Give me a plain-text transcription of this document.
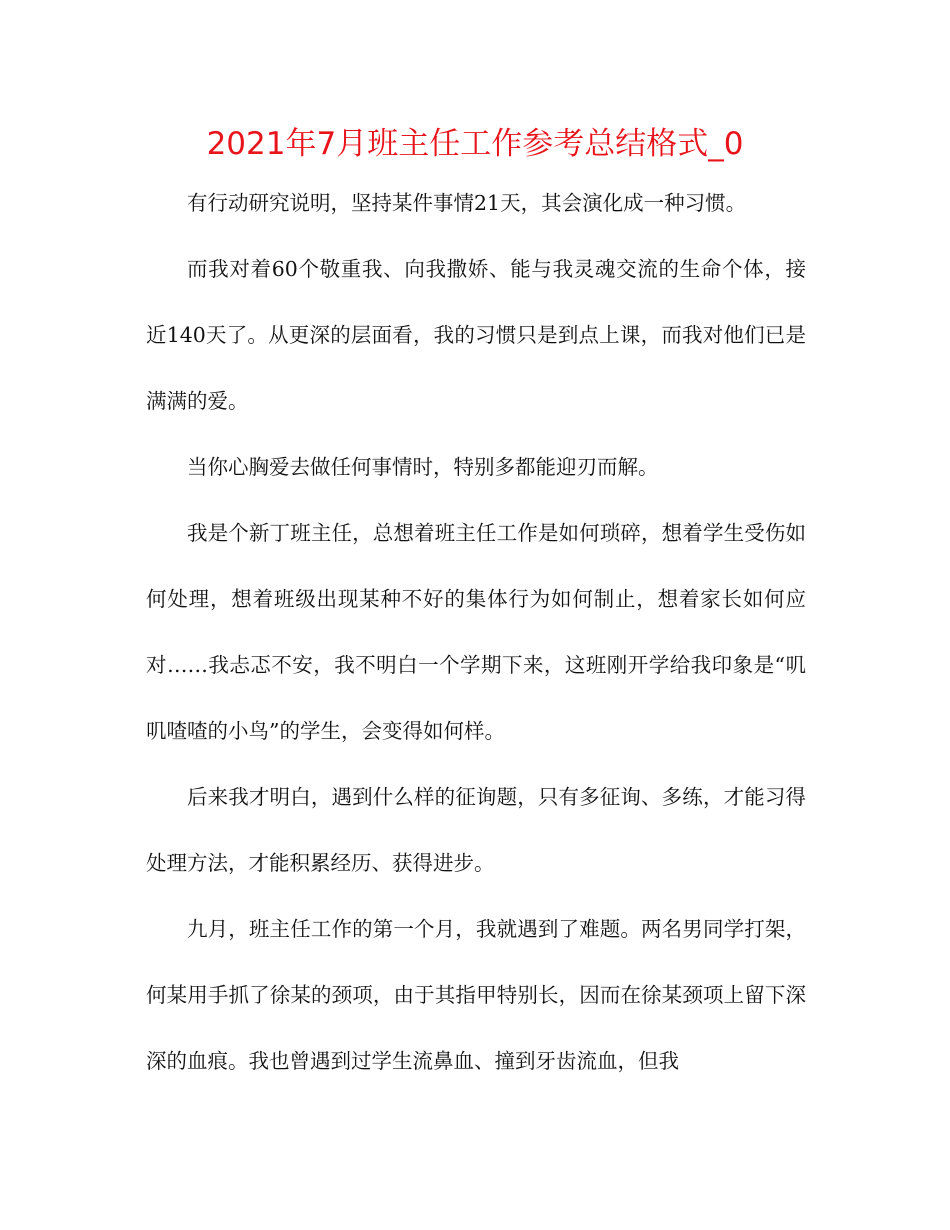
2021年7月班主任工作参考总结格式_0

有行动研究说明，坚持某件事情21天，其会演化成一种习惯。

而我对着60个敬重我、向我撒娇、能与我灵魂交流的生命个体，接近140天了。从更深的层面看，我的习惯只是到点上课，而我对他们已是满满的爱。

当你心胸爱去做任何事情时，特别多都能迎刃而解。

我是个新丁班主任，总想着班主任工作是如何琐碎，想着学生受伤如何处理，想着班级出现某种不好的集体行为如何制止，想着家长如何应对……我忐忑不安，我不明白一个学期下来，这班刚开学给我印象是“叽叽喳喳的小鸟”的学生，会变得如何样。

后来我才明白，遇到什么样的征询题，只有多征询、多练，才能习得处理方法，才能积累经历、获得进步。

九月，班主任工作的第一个月，我就遇到了难题。两名男同学打架，何某用手抓了徐某的颈项，由于其指甲特别长，因而在徐某颈项上留下深深的血痕。我也曾遇到过学生流鼻血、撞到牙齿流血，但我
